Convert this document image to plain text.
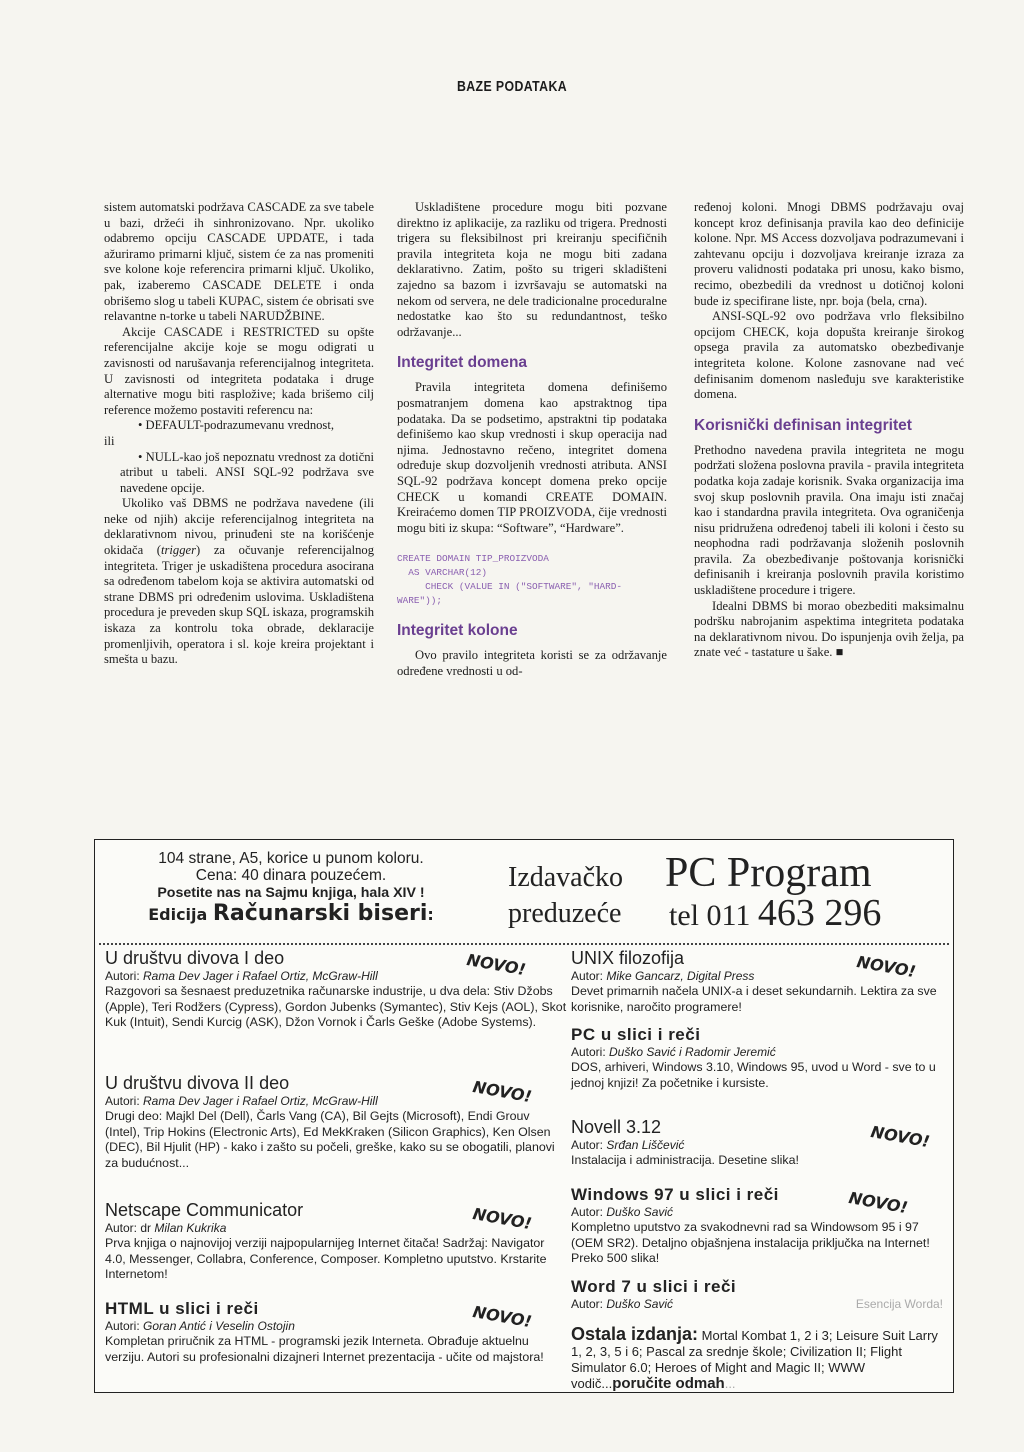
BAZE PODATAKA

sistem automatski podržava CASCADE za sve tabele u bazi, držeći ih sinhronizovano. Npr. ukoliko odabremo opciju CASCADE UPDATE, i tada ažuriramo primarni ključ, sistem će za nas promeniti sve kolone koje referencira primarni ključ. Ukoliko, pak, izaberemo CASCADE DELETE i onda obrišemo slog u tabeli KUPAC, sistem će obrisati sve relavantne n-torke u tabeli NARUDŽBINE.

Akcije CASCADE i RESTRICTED su opšte referencijalne akcije koje se mogu odigrati u zavisnosti od narušavanja referencijalnog integriteta. U zavisnosti od integriteta podataka i druge alternative mogu biti raspložive; kada brišemo cilj reference možemo postaviti referencu na:

• DEFAULT-podrazumevanu vrednost,

ili

• NULL-kao još nepoznatu vrednost za dotični atribut u tabeli. ANSI SQL-92 podržava sve navedene opcije.

Ukoliko vaš DBMS ne podržava navedene (ili neke od njih) akcije referencijalnog integriteta na deklarativnom nivou, prinuđeni ste na korišćenje okidača (trigger) za očuvanje referencijalnog integriteta. Triger je uskadištena procedura asocirana sa određenom tabelom koja se aktivira automatski od strane DBMS pri određenim uslovima. Uskladištena procedura je preveden skup SQL iskaza, programskih iskaza za kontrolu toka obrade, deklaracije promenljivih, operatora i sl. koje kreira projektant i smešta u bazu.

Uskladištene procedure mogu biti pozvane direktno iz aplikacije, za razliku od trigera. Prednosti trigera su fleksibilnost pri kreiranju specifičnih pravila integriteta koja ne mogu biti zadana deklarativno. Zatim, pošto su trigeri skladišteni zajedno sa bazom i izvršavaju se automatski na nekom od servera, ne dele tradicionalne proceduralne nedostatke kao što su redundantnost, teško održavanje...

Integritet domena

Pravila integriteta domena definišemo posmatranjem domena kao apstraktnog tipa podataka. Da se podsetimo, apstraktni tip podataka definišemo kao skup vrednosti i skup operacija nad njima. Jednostavno rečeno, integritet domena određuje skup dozvoljenih vrednosti atributa. ANSI SQL-92 podržava koncept domena preko opcije CHECK u komandi CREATE DOMAIN. Kreiraćemo domen TIP PROIZVODA, čije vrednosti mogu biti iz skupa: “Software”, “Hardware”.

CREATE DOMAIN TIP_PROIZVODA
AS VARCHAR(12)
CHECK (VALUE IN ("SOFTWARE", "HARD-
WARE"));
Integritet kolone

Ovo pravilo integriteta koristi se za održavanje određene vrednosti u od-

ređenoj koloni. Mnogi DBMS podržavaju ovaj koncept kroz definisanja pravila kao deo definicije kolone. Npr. MS Access dozvoljava podrazumevani i zahtevanu opciju i dozvoljava kreiranje izraza za proveru validnosti podataka pri unosu, kako bismo, recimo, obezbedili da vrednost u dotičnoj koloni bude iz specifirane liste, npr. boja (bela, crna).

ANSI-SQL-92 ovo podržava vrlo fleksibilno opcijom CHECK, koja dopušta kreiranje širokog opsega pravila za automatsko obezbeđivanje integriteta kolone. Kolone zasnovane nad već definisanim domenom nasleđuju sve karakteristike domena.

Korisnički definisan integritet

Prethodno navedena pravila integriteta ne mogu podržati složena poslovna pravila - pravila integriteta podatka koja zadaje korisnik. Svaka organizacija ima svoj skup poslovnih pravila. Ona imaju isti značaj kao i standardna pravila integriteta. Ova ograničenja nisu pridružena određenoj tabeli ili koloni i često su neophodna radi podržavanja složenih poslovnih pravila. Za obezbeđivanje poštovanja korisnički definisanih i kreiranja poslovnih pravila koristimo uskladištene procedure i trigere.

Idealni DBMS bi morao obezbediti maksimalnu podršku nabrojanim aspektima integriteta podataka na deklarativnom nivou. Do ispunjenja ovih želja, pa znate već - tastature u šake. ■

104 strane, A5, korice u punom koloru.
Cena: 40 dinara pouzećem.
Posetite nas na Sajmu knjiga, hala XIV !
Edicija Računarski biseri:
Izdavačko
preduzeće
PC Program
tel 011 463 296
U društvu divova I deo
Autori: Rama Dev Jager i Rafael Ortiz, McGraw-Hill
Razgovori sa šesnaest preduzetnika računarske industrije, u dva dela: Stiv Džobs (Apple), Teri Rodžers (Cypress), Gordon Jubenks (Symantec), Stiv Kejs (AOL), Skot Kuk (Intuit), Sendi Kurcig (ASK), Džon Vornok i Čarls Geške (Adobe Systems).
NOVO!
U društvu divova II deo
Autori: Rama Dev Jager i Rafael Ortiz, McGraw-Hill
Drugi deo: Majkl Del (Dell), Čarls Vang (CA), Bil Gejts (Microsoft), Endi Grouv (Intel), Trip Hokins (Electronic Arts), Ed MekKraken (Silicon Graphics), Ken Olsen (DEC), Bil Hjulit (HP) - kako i zašto su počeli, greške, kako su se obogatili, planovi za budućnost...
NOVO!
Netscape Communicator
Autor: dr Milan Kukrika
Prva knjiga o najnovijoj verziji najpopularnijeg Internet čitača! Sadržaj: Navigator 4.0, Messenger, Collabra, Conference, Composer. Kompletno uputstvo. Krstarite Internetom!
NOVO!
HTML u slici i reči
Autori: Goran Antić i Veselin Ostojin
Kompletan priručnik za HTML - programski jezik Interneta. Obrađuje aktuelnu verziju. Autori su profesionalni dizajneri Internet prezentacija - učite od majstora!
NOVO!
UNIX filozofija
Autor: Mike Gancarz, Digital Press
Devet primarnih načela UNIX-a i deset sekundarnih. Lektira za sve korisnike, naročito programere!
NOVO!
PC u slici i reči
Autori: Duško Savić i Radomir Jeremić
DOS, arhiveri, Windows 3.10, Windows 95, uvod u Word - sve to u jednoj knjizi! Za početnike i kursiste.
Novell 3.12
Autor: Srđan Liščević
Instalacija i administracija. Desetine slika!
NOVO!
Windows 97 u slici i reči
Autor: Duško Savić
Kompletno uputstvo za svakodnevni rad sa Windowsom 95 i 97 (OEM SR2). Detaljno objašnjena instalacija priključka na Internet! Preko 500 slika!
NOVO!
Word 7 u slici i reči
Autor: Duško Savić	Esencija Worda!
Ostala izdanja: Mortal Kombat 1, 2 i 3; Leisure Suit Larry 1, 2, 3, 5 i 6; Pascal za srednje škole; Civilization II; Flight Simulator 6.0; Heroes of Might and Magic II; WWW vodič...poručite odmah...
